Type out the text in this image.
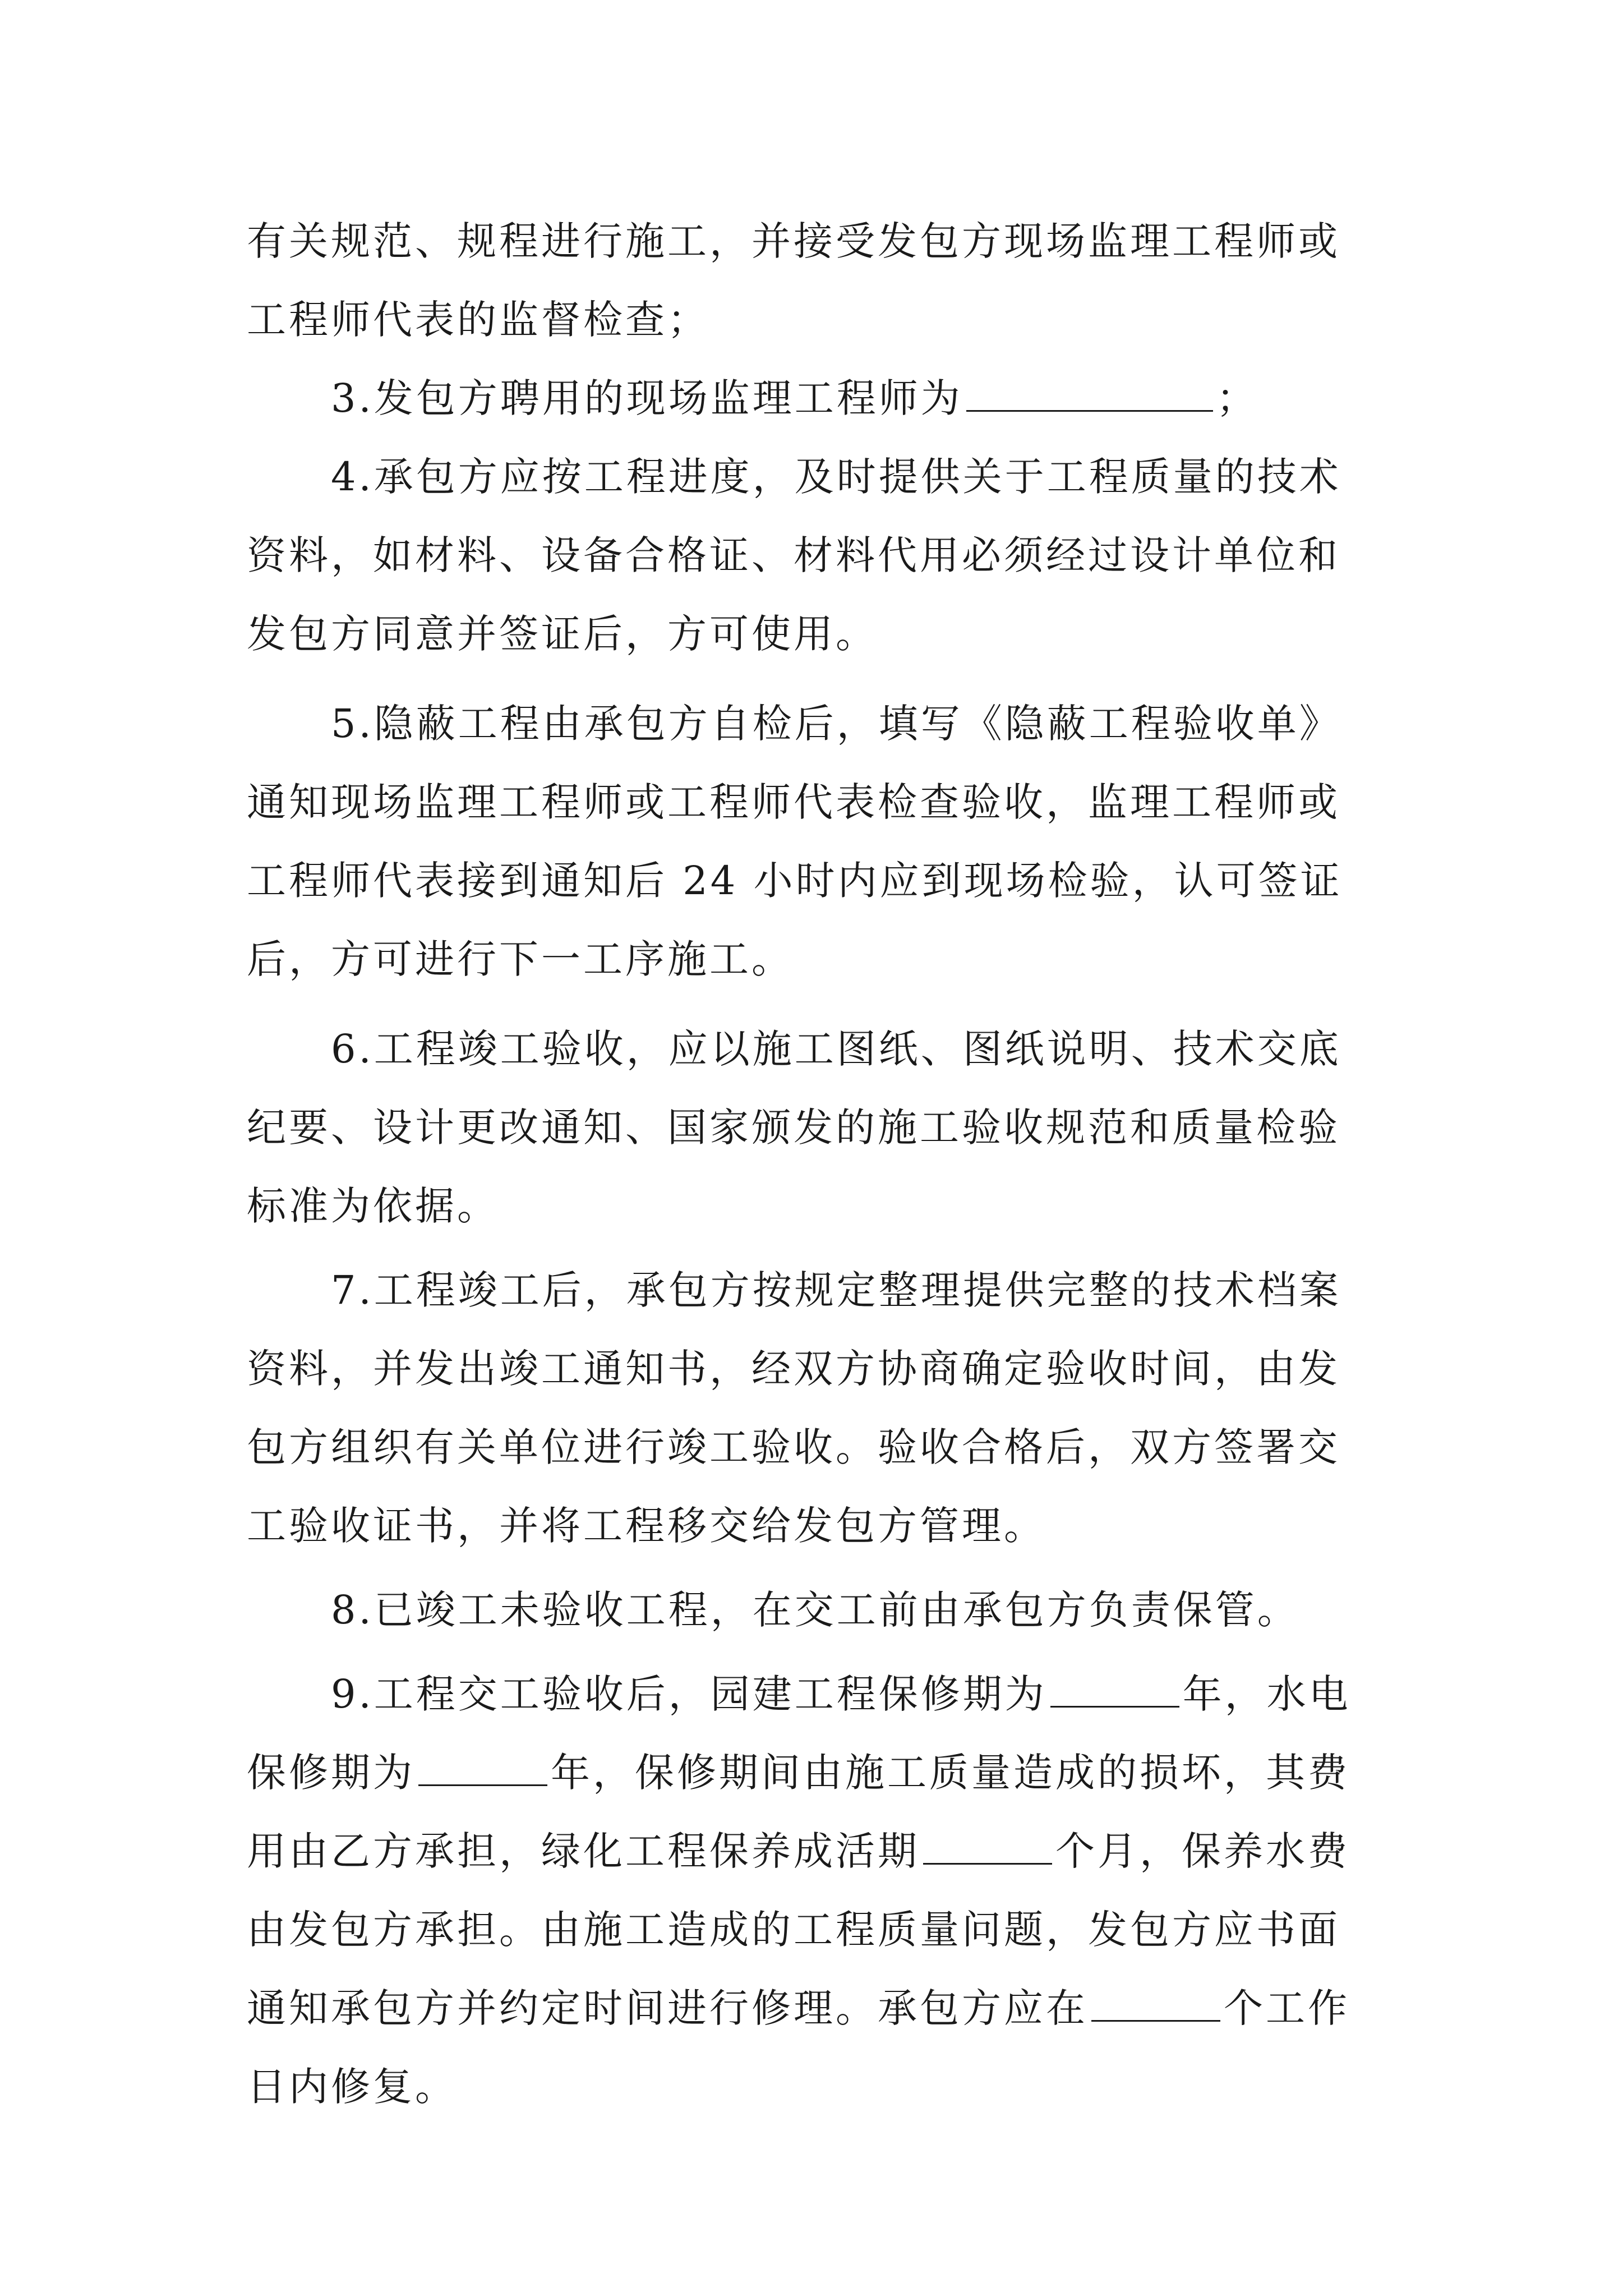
有关规范、规程进行施工，并接受发包方现场监理工程师或
工程师代表的监督检查；
3.发包方聘用的现场监理工程师为	；
4.承包方应按工程进度，及时提供关于工程质量的技术
资料，如材料、设备合格证、材料代用必须经过设计单位和
发包方同意并签证后，方可使用。
5.隐蔽工程由承包方自检后，填写《隐蔽工程验收单》
通知现场监理工程师或工程师代表检查验收，监理工程师或
工程师代表接到通知后 24 小时内应到现场检验，认可签证
后，方可进行下一工序施工。
6.工程竣工验收，应以施工图纸、图纸说明、技术交底
纪要、设计更改通知、国家颁发的施工验收规范和质量检验
标准为依据。
7.工程竣工后，承包方按规定整理提供完整的技术档案
资料，并发出竣工通知书，经双方协商确定验收时间，由发
包方组织有关单位进行竣工验收。验收合格后，双方签署交
工验收证书，并将工程移交给发包方管理。
8.已竣工未验收工程，在交工前由承包方负责保管。
9.工程交工验收后，园建工程保修期为	年，水电
保修期为	年，保修期间由施工质量造成的损坏，其费
用由乙方承担，绿化工程保养成活期	个月，保养水费
由发包方承担。由施工造成的工程质量问题，发包方应书面
通知承包方并约定时间进行修理。承包方应在	个工作
日内修复。
